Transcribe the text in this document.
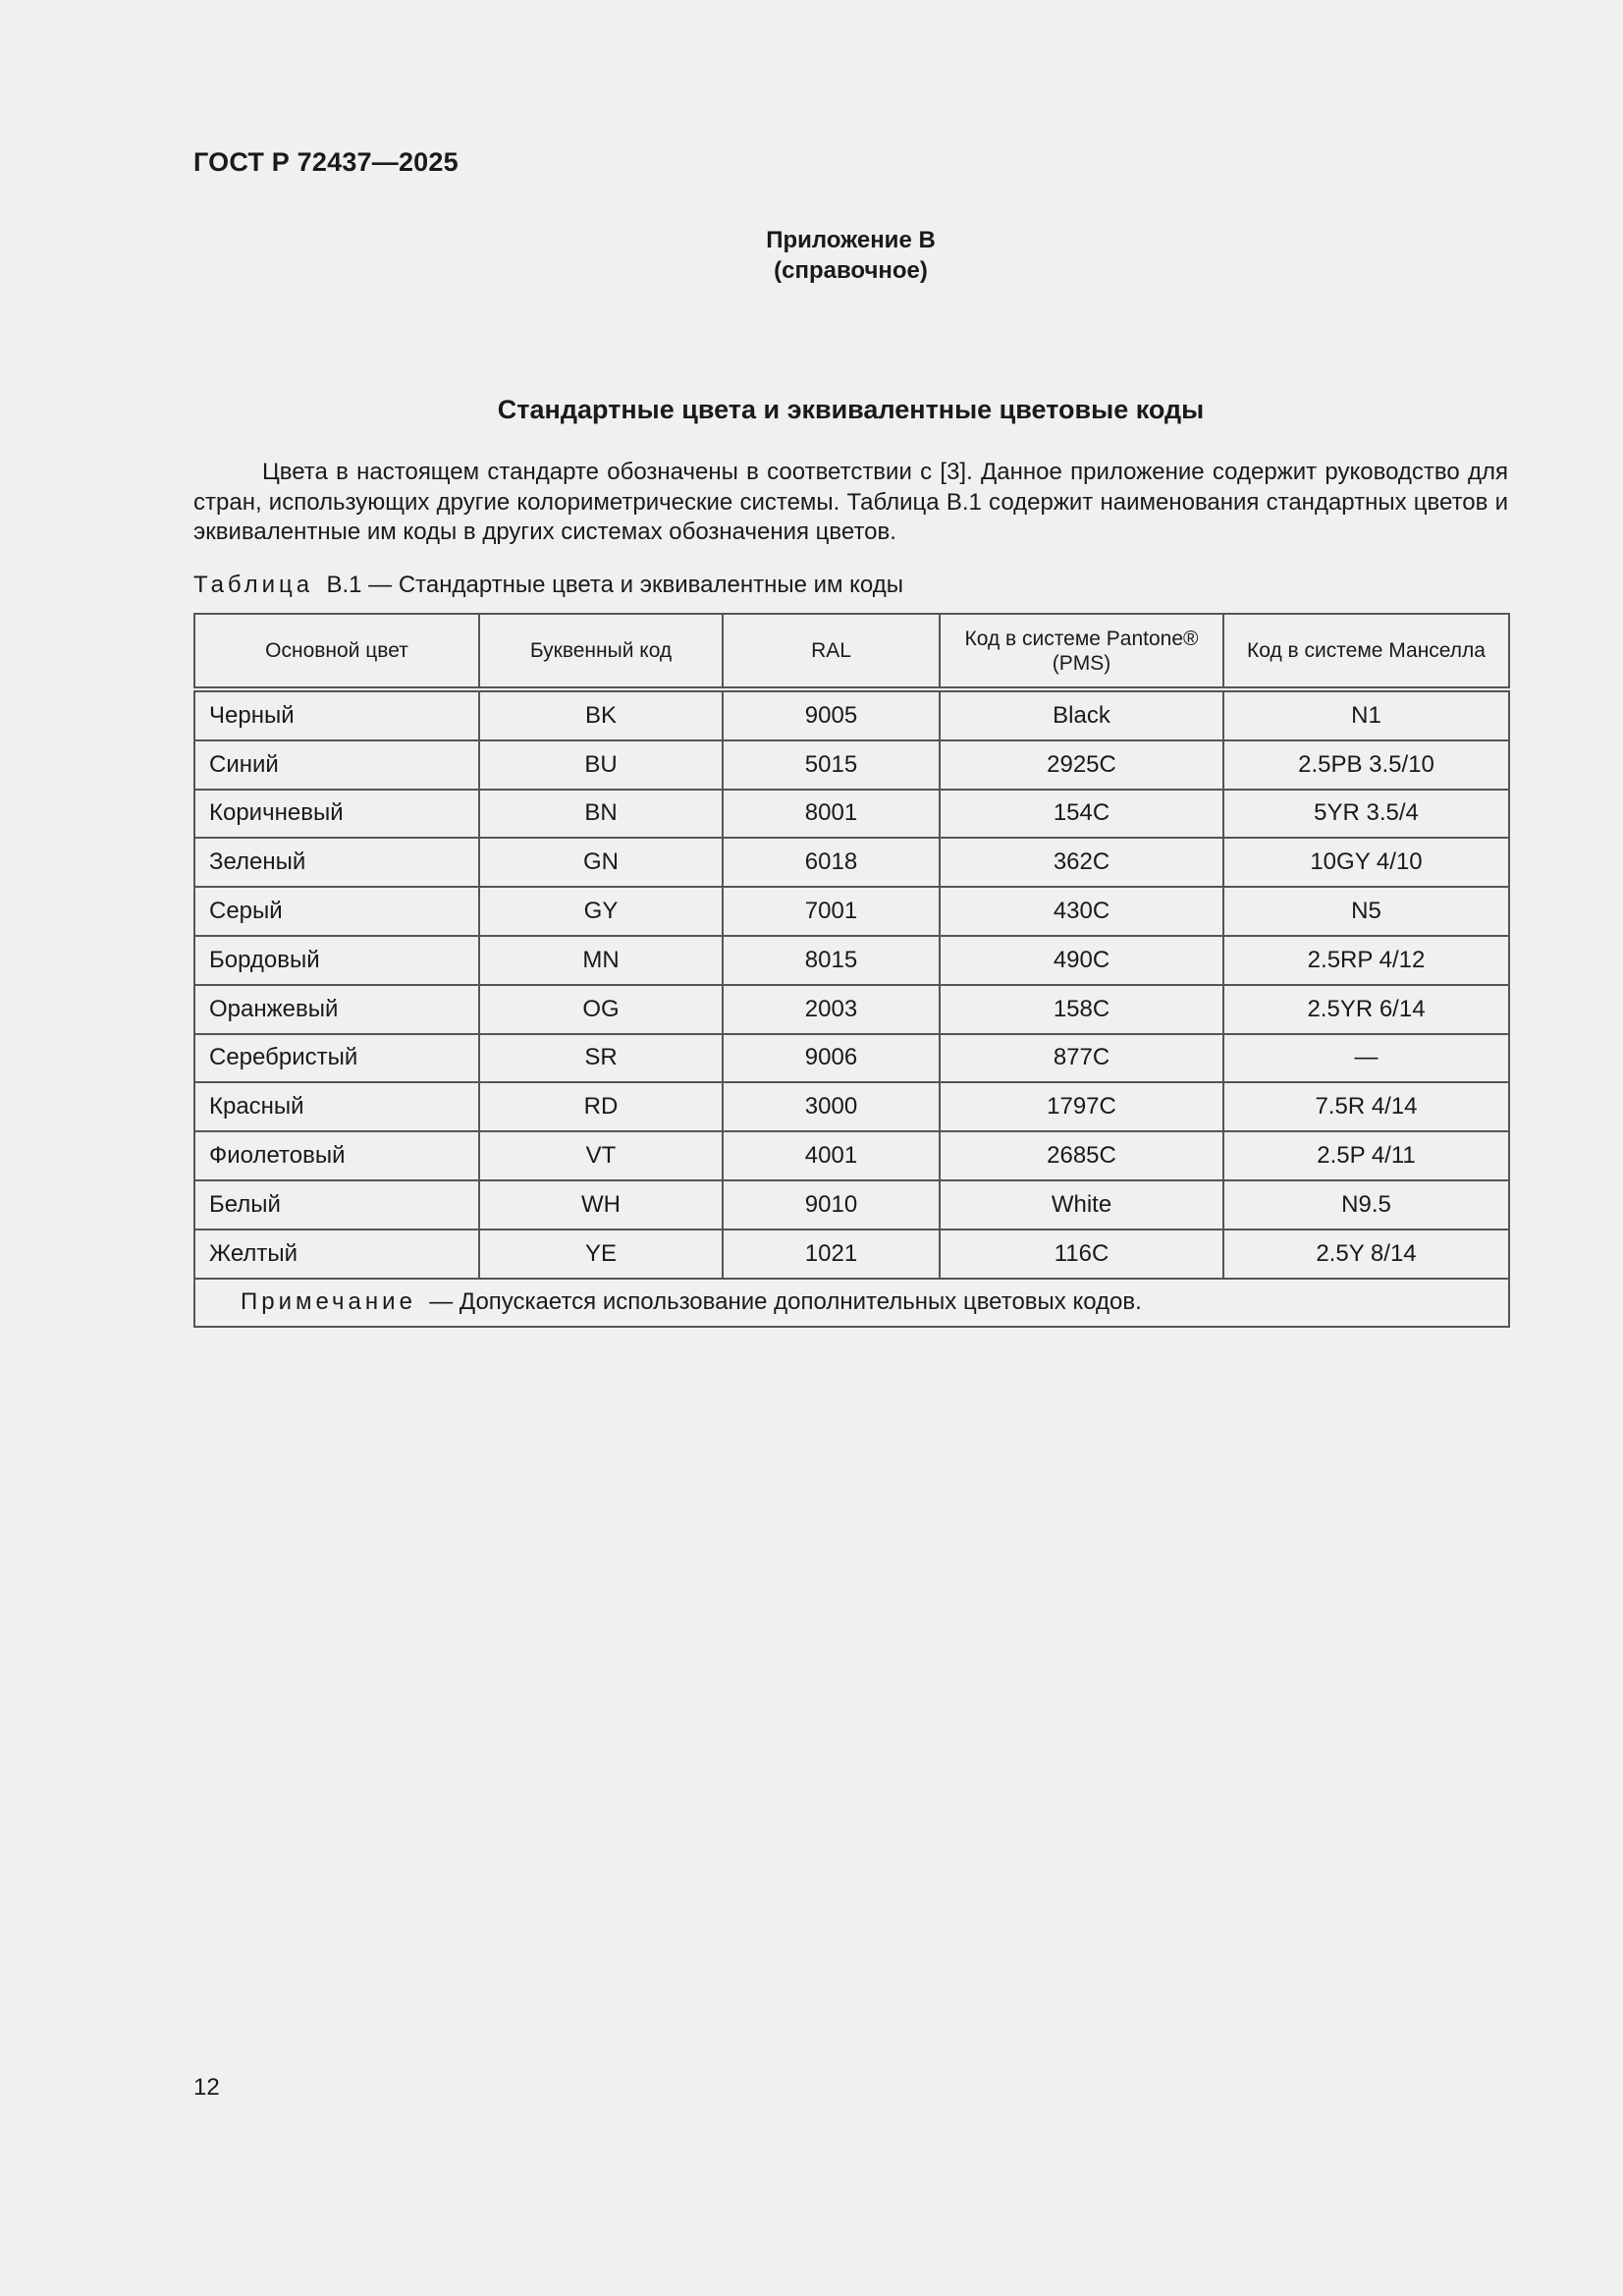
ГОСТ Р 72437—2025
Приложение В
(справочное)
Стандартные цвета и эквивалентные цветовые коды

Цвета в настоящем стандарте обозначены в соответствии с [3]. Данное приложение содержит руководство для стран, использующих другие колориметрические системы. Таблица В.1 содержит наименования стандартных цветов и эквивалентные им коды в других системах обозначения цветов.

Таблица В.1 — Стандартные цвета и эквивалентные им коды
Основной цвет	Буквенный код	RAL	Код в системе Pantone® (PMS)	Код в системе Манселла
Черный	BK	9005	Black	N1
Синий	BU	5015	2925C	2.5PB 3.5/10
Коричневый	BN	8001	154C	5YR 3.5/4
Зеленый	GN	6018	362C	10GY 4/10
Серый	GY	7001	430C	N5
Бордовый	MN	8015	490C	2.5RP 4/12
Оранжевый	OG	2003	158C	2.5YR 6/14
Серебристый	SR	9006	877C	—
Красный	RD	3000	1797C	7.5R 4/14
Фиолетовый	VT	4001	2685C	2.5P 4/11
Белый	WH	9010	White	N9.5
Желтый	YE	1021	116C	2.5Y 8/14
Примечание — Допускается использование дополнительных цветовых кодов.				
12
